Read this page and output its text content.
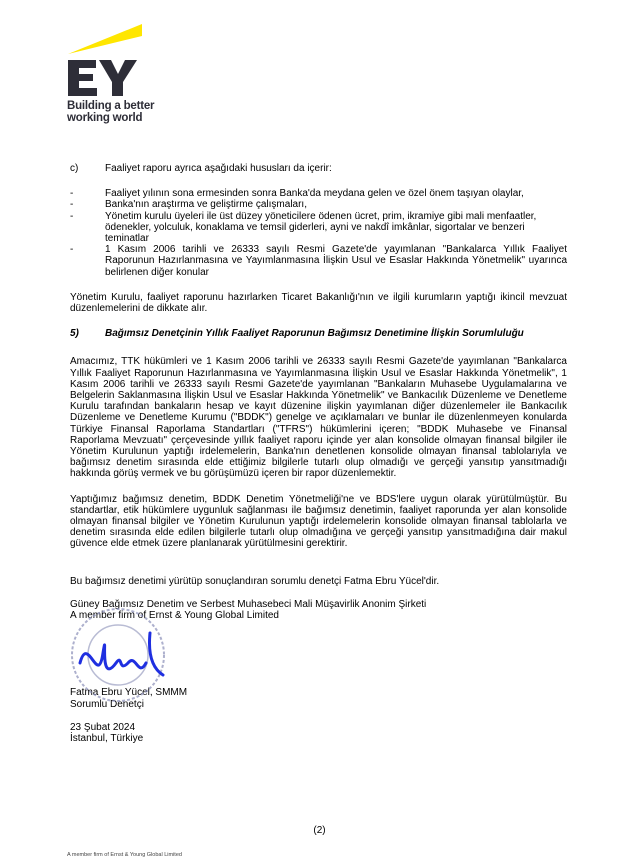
Building a better
working world
c)	Faaliyet raporu ayrıca aşağıdaki hususları da içerir:
-	Faaliyet yılının sona ermesinden sonra Banka'da meydana gelen ve özel önem taşıyan olaylar,
-	Banka'nın araştırma ve geliştirme çalışmaları,
-	Yönetim kurulu üyeleri ile üst düzey yöneticilere ödenen ücret, prim, ikramiye gibi mali menfaatler, ödenekler, yolculuk, konaklama ve temsil giderleri, ayni ve nakdî imkânlar, sigortalar ve benzeri teminatlar
-	1 Kasım 2006 tarihli ve 26333 sayılı Resmi Gazete'de yayımlanan "Bankalarca Yıllık Faaliyet Raporunun Hazırlanmasına ve Yayımlanmasına İlişkin Usul ve Esaslar Hakkında Yönetmelik" uyarınca belirlenen diğer konular

Yönetim Kurulu, faaliyet raporunu hazırlarken Ticaret Bakanlığı'nın ve ilgili kurumların yaptığı ikincil mevzuat düzenlemelerini de dikkate alır.

5)	Bağımsız Denetçinin Yıllık Faaliyet Raporunun Bağımsız Denetimine İlişkin Sorumluluğu

Amacımız, TTK hükümleri ve 1 Kasım 2006 tarihli ve 26333 sayılı Resmi Gazete'de yayımlanan "Bankalarca Yıllık Faaliyet Raporunun Hazırlanmasına ve Yayımlanmasına İlişkin Usul ve Esaslar Hakkında Yönetmelik", 1 Kasım 2006 tarihli ve 26333 sayılı Resmi Gazete'de yayımlanan "Bankaların Muhasebe Uygulamalarına ve Belgelerin Saklanmasına İlişkin Usul ve Esaslar Hakkında Yönetmelik" ve Bankacılık Düzenleme ve Denetleme Kurulu tarafından bankaların hesap ve kayıt düzenine ilişkin yayımlanan diğer düzenlemeler ile Bankacılık Düzenleme ve Denetleme Kurumu ("BDDK") genelge ve açıklamaları ve bunlar ile düzenlenmeyen konularda Türkiye Finansal Raporlama Standartları ("TFRS") hükümlerini içeren; "BDDK Muhasebe ve Finansal Raporlama Mevzuatı" çerçevesinde yıllık faaliyet raporu içinde yer alan konsolide olmayan finansal bilgiler ile Yönetim Kurulunun yaptığı irdelemelerin, Banka'nın denetlenen konsolide olmayan finansal tablolarıyla ve bağımsız denetim sırasında elde ettiğimiz bilgilerle tutarlı olup olmadığı ve gerçeği yansıtıp yansıtmadığı hakkında görüş vermek ve bu görüşümüzü içeren bir rapor düzenlemektir.

Yaptığımız bağımsız denetim, BDDK Denetim Yönetmeliği'ne ve BDS'lere uygun olarak yürütülmüştür. Bu standartlar, etik hükümlere uygunluk sağlanması ile bağımsız denetimin, faaliyet raporunda yer alan konsolide olmayan finansal bilgiler ve Yönetim Kurulunun yaptığı irdelemelerin konsolide olmayan finansal tablolarla ve denetim sırasında elde edilen bilgilerle tutarlı olup olmadığına ve gerçeği yansıtıp yansıtmadığına dair makul güvence elde etmek üzere planlanarak yürütülmesini gerektirir.

Bu bağımsız denetimi yürütüp sonuçlandıran sorumlu denetçi Fatma Ebru Yücel'dir.

Güney Bağımsız Denetim ve Serbest Muhasebeci Mali Müşavirlik Anonim Şirketi
A member firm of Ernst & Young Global Limited
Fatma Ebru Yücel, SMMM
Sorumlu Denetçi
23 Şubat 2024
İstanbul, Türkiye
(2)
A member firm of Ernst & Young Global Limited
